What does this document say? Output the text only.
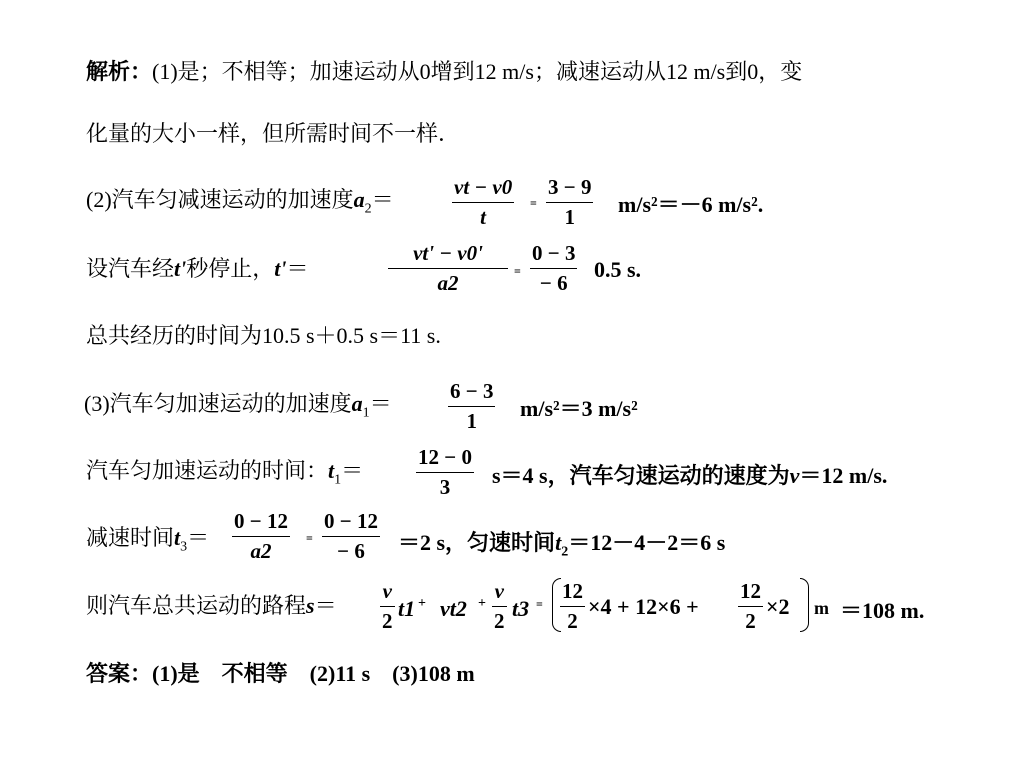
解析：(1)是；不相等；加速运动从0增到12 m/s；减速运动从12 m/s到0，变
化量的大小一样，但所需时间不一样．
(2)汽车匀减速运动的加速度$a_2=$	vt − v0
t
=
3 − 9
1 m/s²＝－6 m/s².
设汽车经t'秒停止，t'＝
vt' − v0'
a2	=
0 − 3
− 6
0.5 s.
总共经历的时间为10.5 s＋0.5 s＝11 s.
(3)汽车匀加速运动的加速度$a_1=$	6 − 3
1 m/s²＝3 m/s²
汽车匀加速运动的时间：$t_1=$
12 − 0
3 s＝4 s，汽车匀速运动的速度为v＝12 m/s.
减速时间$t_3=$
0 − 12
a2
=
0 − 12
− 6 ＝2 s，匀速时间$t_2=12-4-2=6$ s
则汽车总共运动的路程s＝
v
2 t1 + vt2 +
v
2 t3 =
12
2
×4 + 12×6 +
12
2
×2 m ＝108 m.
答案：(1)是　不相等　(2)11 s　(3)108 m
